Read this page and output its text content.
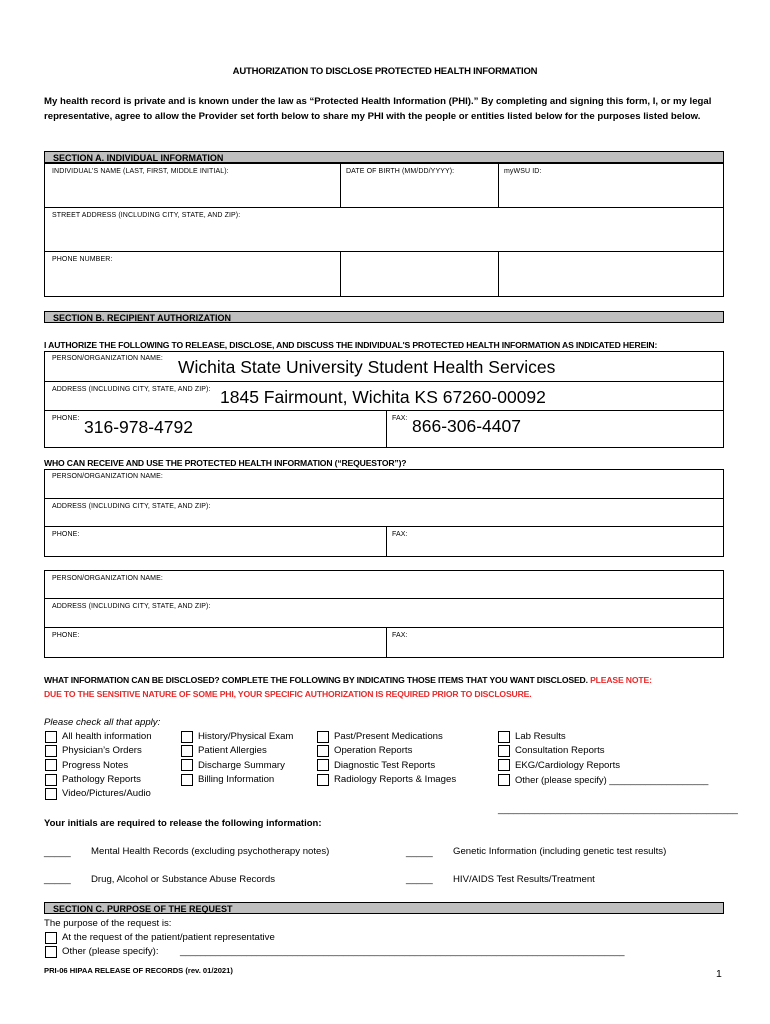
AUTHORIZATION TO DISCLOSE PROTECTED HEALTH INFORMATION
My health record is private and is known under the law as “Protected Health Information (PHI).” By completing and signing this form, I, or my legal representative, agree to allow the Provider set forth below to share my PHI with the people or entities listed below for the purposes listed below.
SECTION A. INDIVIDUAL INFORMATION
INDIVIDUAL’S NAME (LAST, FIRST, MIDDLE INITIAL):	DATE OF BIRTH (MM/DD/YYYY):	myWSU ID:
STREET ADDRESS (INCLUDING CITY, STATE, AND ZIP):
PHONE NUMBER:
SECTION B. RECIPIENT AUTHORIZATION
I AUTHORIZE THE FOLLOWING TO RELEASE, DISCLOSE, AND DISCUSS THE INDIVIDUAL'S PROTECTED HEALTH INFORMATION AS INDICATED HEREIN:
PERSON/ORGANIZATION NAME: Wichita State University Student Health Services
ADDRESS (INCLUDING CITY, STATE, AND ZIP): 1845 Fairmount, Wichita KS 67260-00092
PHONE: 316-978-4792	FAX: 866-306-4407
WHO CAN RECEIVE AND USE THE PROTECTED HEALTH INFORMATION (“REQUESTOR”)?
PERSON/ORGANIZATION NAME:
ADDRESS (INCLUDING CITY, STATE, AND ZIP):
PHONE:	FAX:
PERSON/ORGANIZATION NAME:
ADDRESS (INCLUDING CITY, STATE, AND ZIP):
PHONE:	FAX:
WHAT INFORMATION CAN BE DISCLOSED? COMPLETE THE FOLLOWING BY INDICATING THOSE ITEMS THAT YOU WANT DISCLOSED. PLEASE NOTE:
DUE TO THE SENSITIVE NATURE OF SOME PHI, YOUR SPECIFIC AUTHORIZATION IS REQUIRED PRIOR TO DISCLOSURE.
Please check all that apply:
All health information
Physician’s Orders
Progress Notes
Pathology Reports
Video/Pictures/Audio
History/Physical Exam
Patient Allergies
Discharge Summary
Billing Information
Past/Present Medications
Operation Reports
Diagnostic Test Reports
Radiology Reports & Images
Lab Results
Consultation Reports
EKG/Cardiology Reports
Other (please specify) ___________________
______________________________________________
Your initials are required to release the following information:
_____ Mental Health Records (excluding psychotherapy notes)	_____ Genetic Information (including genetic test results)
_____ Drug, Alcohol or Substance Abuse Records	_____ HIV/AIDS Test Results/Treatment
SECTION C. PURPOSE OF THE REQUEST
The purpose of the request is:
At the request of the patient/patient representative
Other (please specify): _______________________________________________________________________________________
PRI-06 HIPAA RELEASE OF RECORDS (rev. 01/2021)	1
